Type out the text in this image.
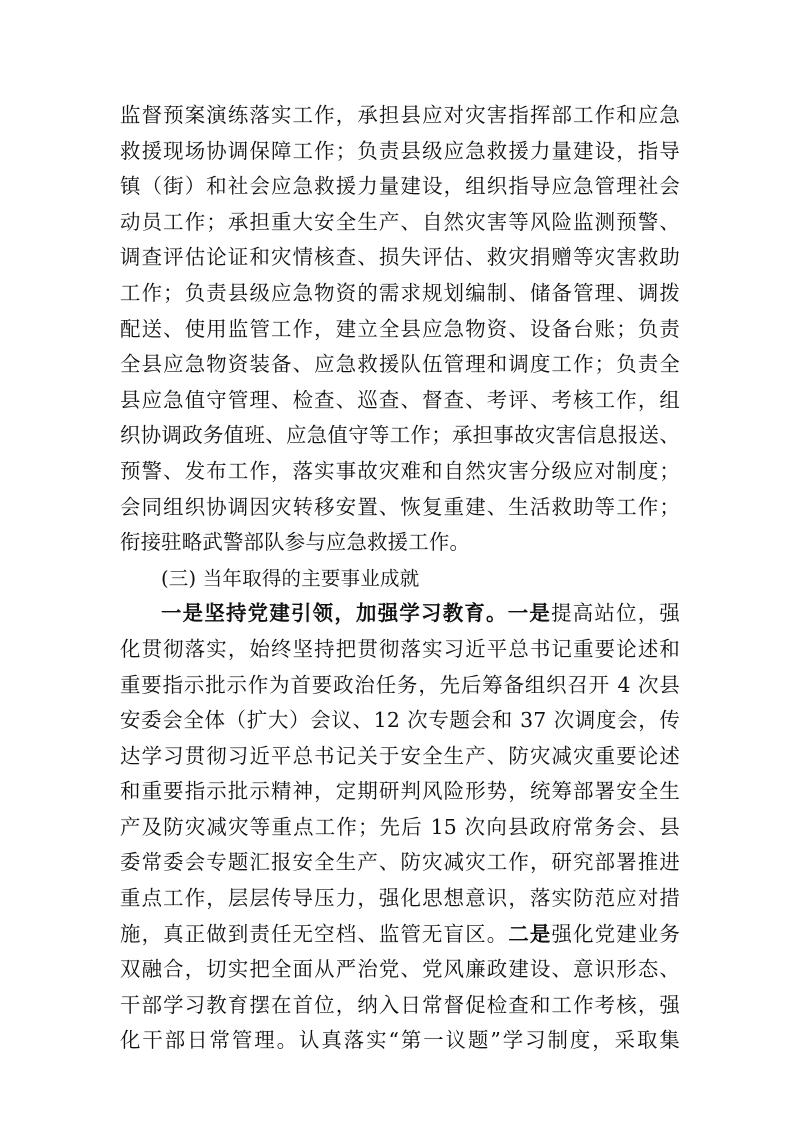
监督预案演练落实工作，承担县应对灾害指挥部工作和应急
救援现场协调保障工作；负责县级应急救援力量建设，指导
镇（街）和社会应急救援力量建设，组织指导应急管理社会
动员工作；承担重大安全生产、自然灾害等风险监测预警、
调查评估论证和灾情核查、损失评估、救灾捐赠等灾害救助
工作；负责县级应急物资的需求规划编制、储备管理、调拨
配送、使用监管工作，建立全县应急物资、设备台账；负责
全县应急物资装备、应急救援队伍管理和调度工作；负责全
县应急值守管理、检查、巡查、督查、考评、考核工作，组
织协调政务值班、应急值守等工作；承担事故灾害信息报送、
预警、发布工作，落实事故灾难和自然灾害分级应对制度；
会同组织协调因灾转移安置、恢复重建、生活救助等工作；
衔接驻略武警部队参与应急救援工作。
(三) 当年取得的主要事业成就
一是坚持党建引领，加强学习教育。一是提高站位，强
化贯彻落实，始终坚持把贯彻落实习近平总书记重要论述和
重要指示批示作为首要政治任务，先后筹备组织召开 4 次县
安委会全体（扩大）会议、12 次专题会和 37 次调度会，传
达学习贯彻习近平总书记关于安全生产、防灾减灾重要论述
和重要指示批示精神，定期研判风险形势，统筹部署安全生
产及防灾减灾等重点工作；先后 15 次向县政府常务会、县
委常委会专题汇报安全生产、防灾减灾工作，研究部署推进
重点工作，层层传导压力，强化思想意识，落实防范应对措
施，真正做到责任无空档、监管无盲区。二是强化党建业务
双融合，切实把全面从严治党、党风廉政建设、意识形态、
干部学习教育摆在首位，纳入日常督促检查和工作考核，强
化干部日常管理。认真落实“第一议题”学习制度，采取集
